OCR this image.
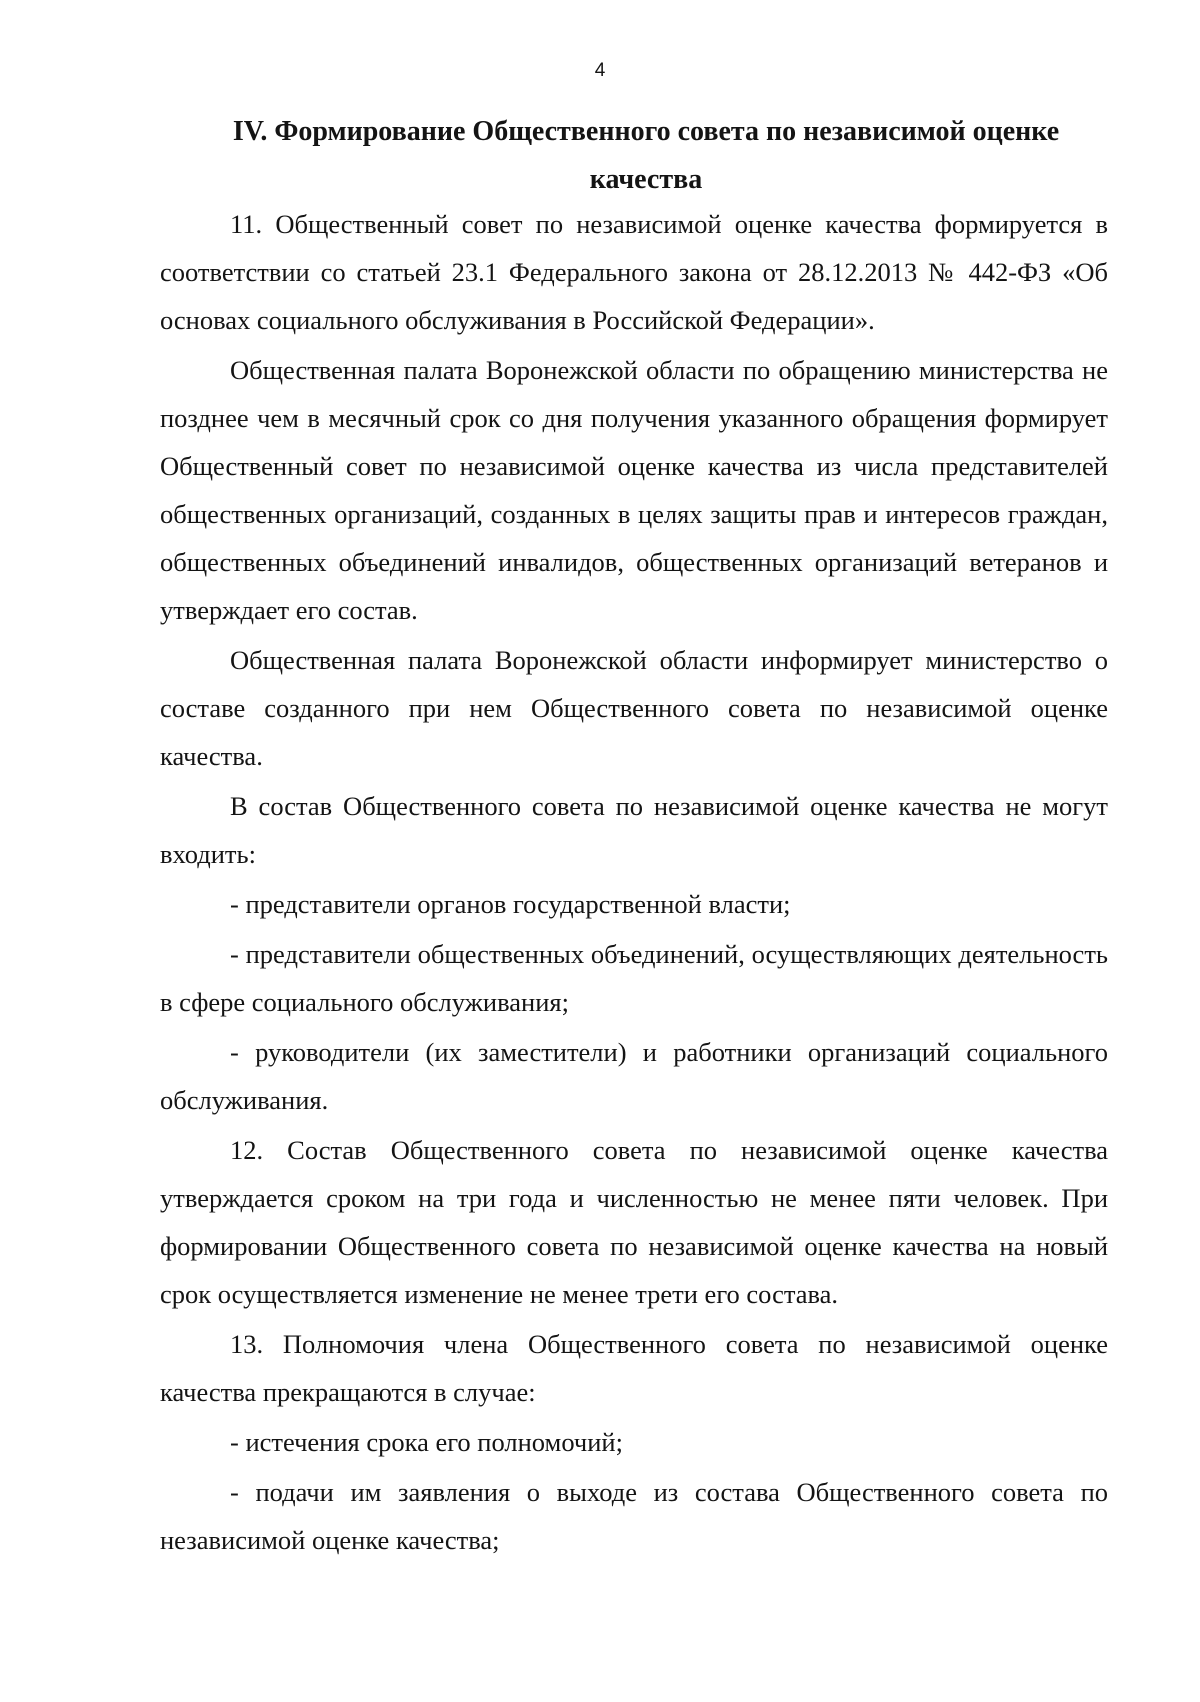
4
IV. Формирование Общественного совета по независимой оценке
качества

11. Общественный совет по независимой оценке качества формируется в соответствии со статьей 23.1 Федерального закона от 28.12.2013 № 442-ФЗ «Об основах социального обслуживания в Российской Федерации».

Общественная палата Воронежской области по обращению министерства не позднее чем в месячный срок со дня получения указанного обращения формирует Общественный совет по независимой оценке качества из числа представителей общественных организаций, созданных в целях защиты прав и интересов граждан, общественных объединений инвалидов, общественных организаций ветеранов и утверждает его состав.

Общественная палата Воронежской области информирует министерство о составе созданного при нем Общественного совета по независимой оценке качества.

В состав Общественного совета по независимой оценке качества не могут входить:

- представители органов государственной власти;

- представители общественных объединений, осуществляющих деятельность в сфере социального обслуживания;

- руководители (их заместители) и работники организаций социального обслуживания.

12. Состав Общественного совета по независимой оценке качества утверждается сроком на три года и численностью не менее пяти человек. При формировании Общественного совета по независимой оценке качества на новый срок осуществляется изменение не менее трети его состава.

13. Полномочия члена Общественного совета по независимой оценке качества прекращаются в случае:

- истечения срока его полномочий;

- подачи им заявления о выходе из состава Общественного совета по независимой оценке качества;
